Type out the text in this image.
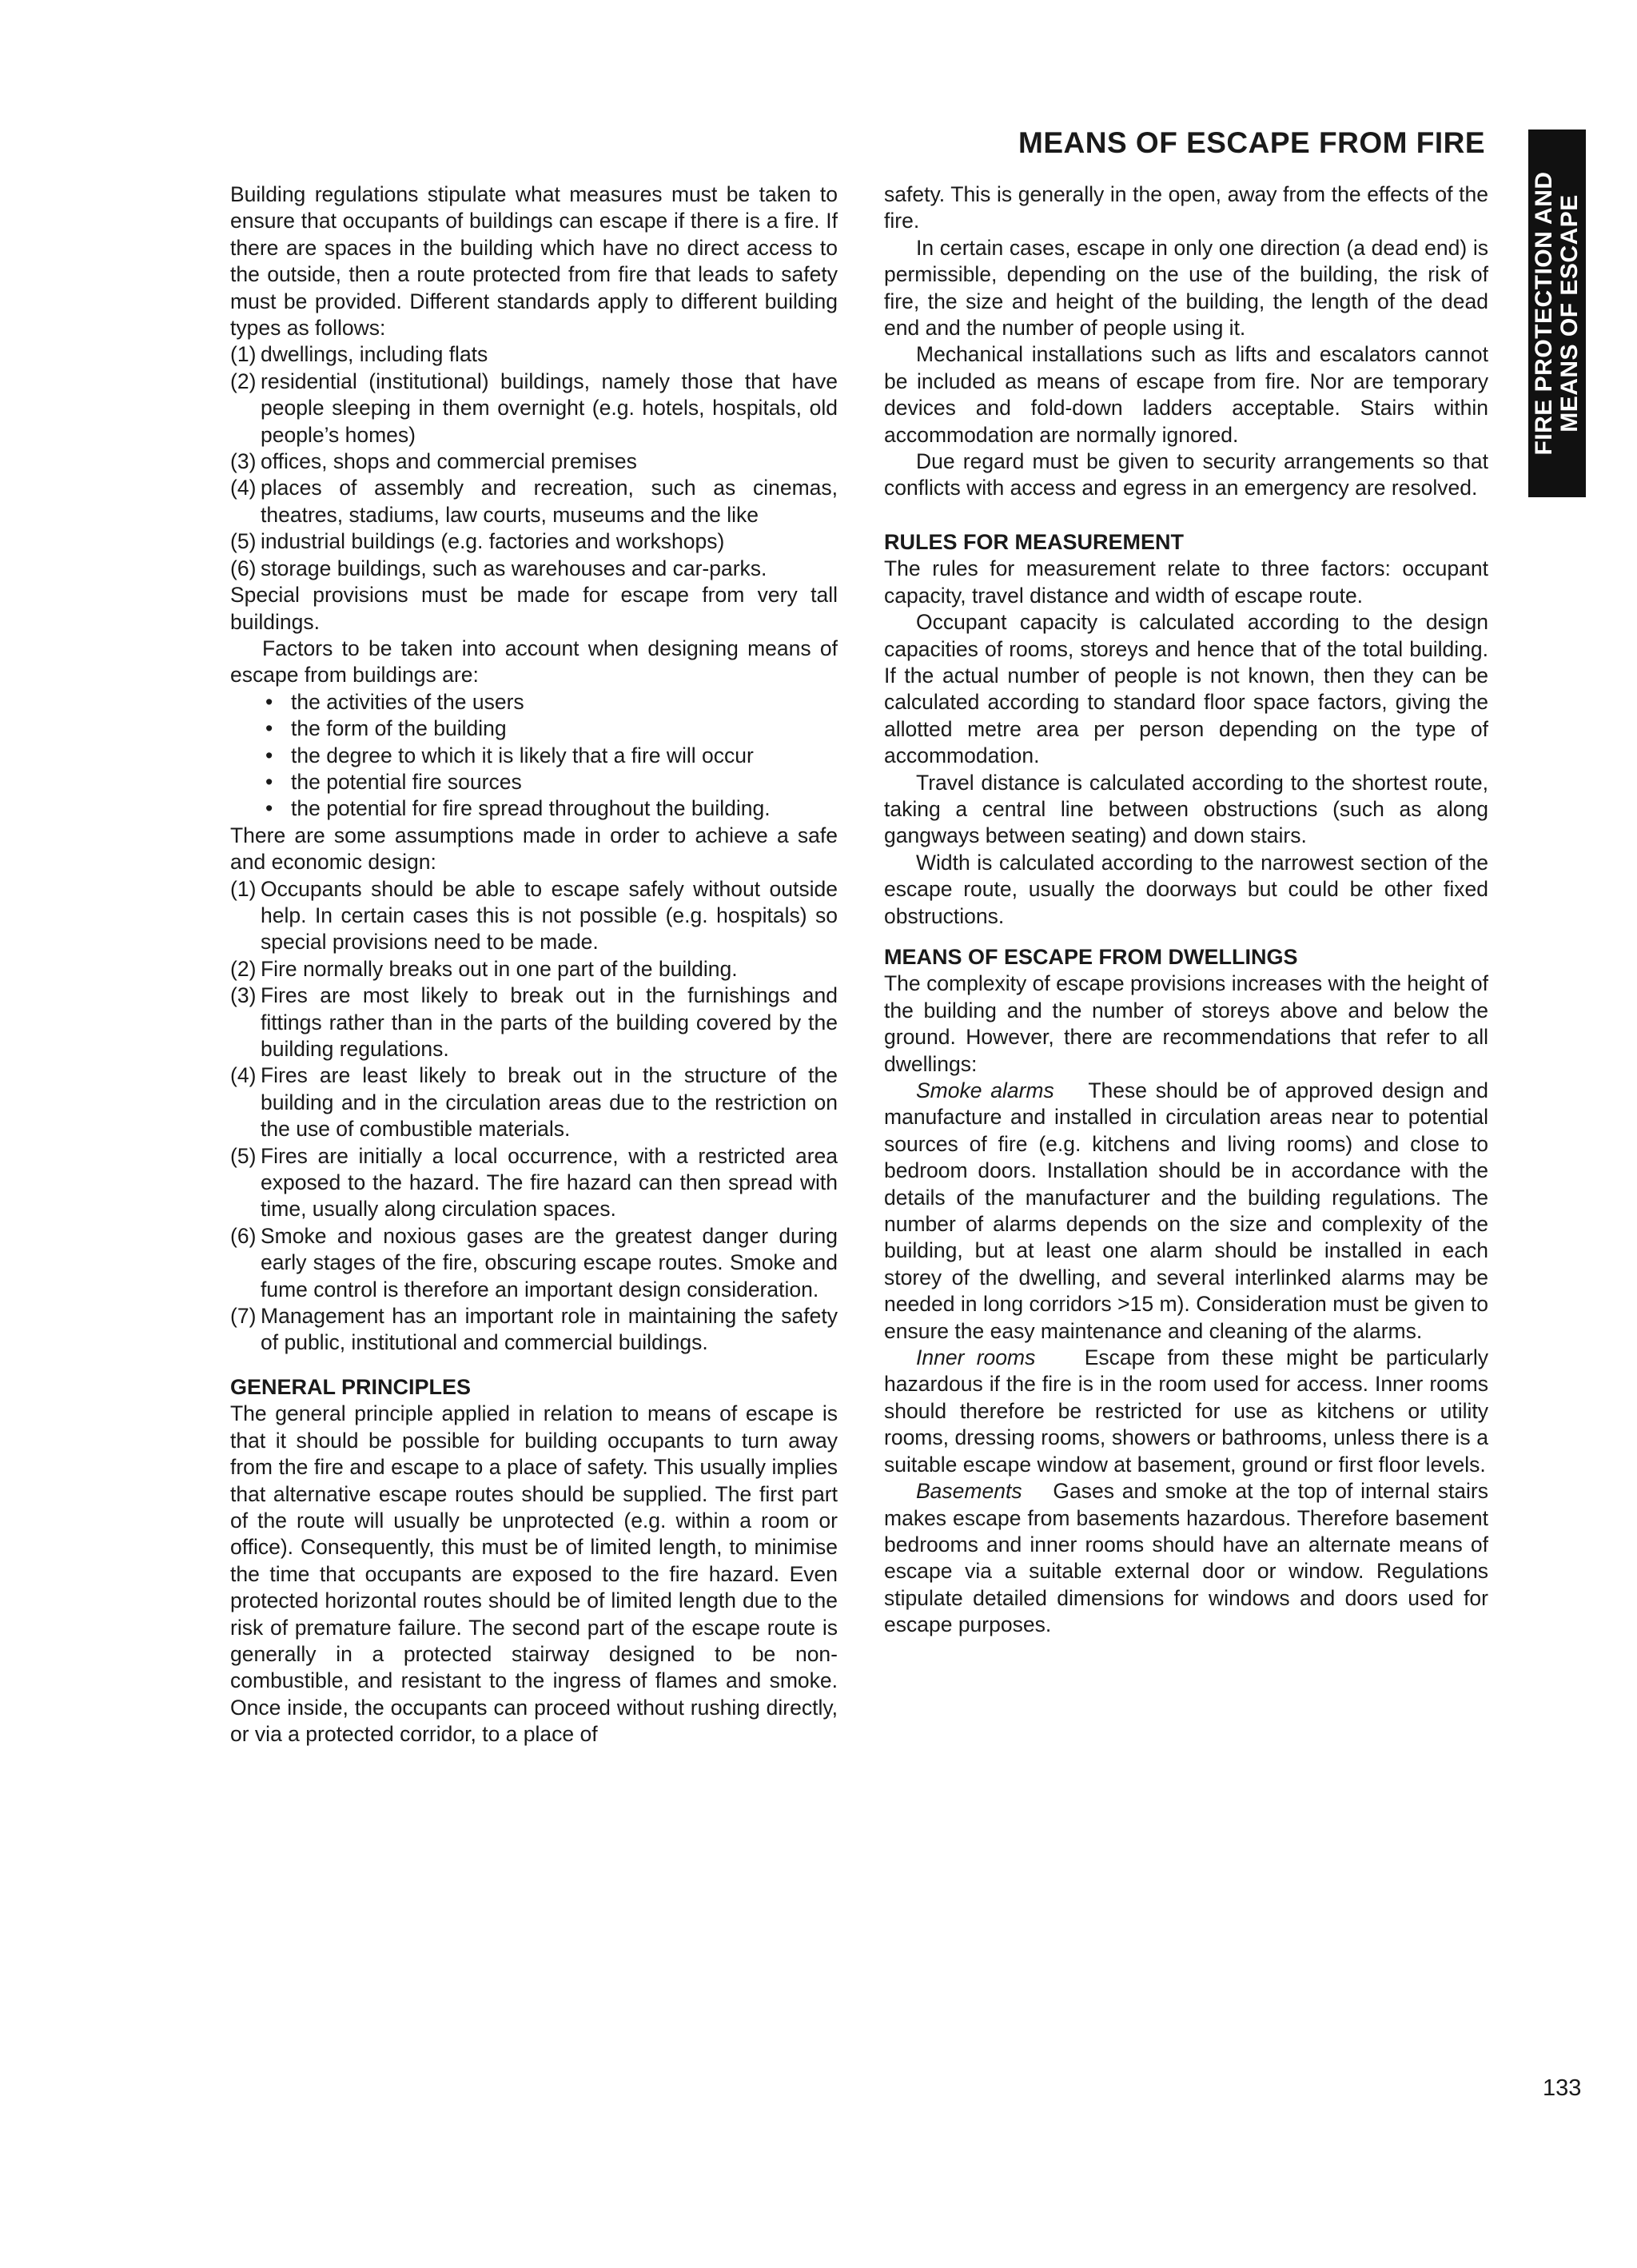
MEANS OF ESCAPE FROM FIRE
FIRE PROTECTION AND MEANS OF ESCAPE

Building regulations stipulate what measures must be taken to ensure that occupants of buildings can escape if there is a fire. If there are spaces in the building which have no direct access to the outside, then a route protected from fire that leads to safety must be provided. Different standards apply to different building types as follows:

(1) dwellings, including flats
(2) residential (institutional) buildings, namely those that have people sleeping in them overnight (e.g. hotels, hospitals, old people’s homes)
(3) offices, shops and commercial premises
(4) places of assembly and recreation, such as cinemas, theatres, stadiums, law courts, museums and the like
(5) industrial buildings (e.g. factories and workshops)
(6) storage buildings, such as warehouses and car-parks.

Special provisions must be made for escape from very tall buildings.

Factors to be taken into account when designing means of escape from buildings are:

• the activities of the users
• the form of the building
• the degree to which it is likely that a fire will occur
• the potential fire sources
• the potential for fire spread throughout the building.

There are some assumptions made in order to achieve a safe and economic design:

(1) Occupants should be able to escape safely without outside help. In certain cases this is not possible (e.g. hospitals) so special provisions need to be made.
(2) Fire normally breaks out in one part of the building.
(3) Fires are most likely to break out in the furnishings and fittings rather than in the parts of the building covered by the building regulations.
(4) Fires are least likely to break out in the structure of the building and in the circulation areas due to the restriction on the use of combustible materials.
(5) Fires are initially a local occurrence, with a restricted area exposed to the hazard. The fire hazard can then spread with time, usually along circulation spaces.
(6) Smoke and noxious gases are the greatest danger during early stages of the fire, obscuring escape routes. Smoke and fume control is therefore an important design consideration.
(7) Management has an important role in maintaining the safety of public, institutional and commercial buildings.
GENERAL PRINCIPLES

The general principle applied in relation to means of escape is that it should be possible for building occupants to turn away from the fire and escape to a place of safety. This usually implies that alternative escape routes should be supplied. The first part of the route will usually be unprotected (e.g. within a room or office). Consequently, this must be of limited length, to minimise the time that occupants are exposed to the fire hazard. Even protected horizontal routes should be of limited length due to the risk of premature failure. The second part of the escape route is generally in a protected stairway designed to be non-combustible, and resistant to the ingress of flames and smoke. Once inside, the occupants can proceed without rushing directly, or via a protected corridor, to a place of

safety. This is generally in the open, away from the effects of the fire.

In certain cases, escape in only one direction (a dead end) is permissible, depending on the use of the building, the risk of fire, the size and height of the building, the length of the dead end and the number of people using it.

Mechanical installations such as lifts and escalators cannot be included as means of escape from fire. Nor are temporary devices and fold-down ladders acceptable. Stairs within accommodation are normally ignored.

Due regard must be given to security arrangements so that conflicts with access and egress in an emergency are resolved.

RULES FOR MEASUREMENT

The rules for measurement relate to three factors: occupant capacity, travel distance and width of escape route.

Occupant capacity is calculated according to the design capacities of rooms, storeys and hence that of the total building. If the actual number of people is not known, then they can be calculated according to standard floor space factors, giving the allotted metre area per person depending on the type of accommodation.

Travel distance is calculated according to the shortest route, taking a central line between obstructions (such as along gangways between seating) and down stairs.

Width is calculated according to the narrowest section of the escape route, usually the doorways but could be other fixed obstructions.

MEANS OF ESCAPE FROM DWELLINGS

The complexity of escape provisions increases with the height of the building and the number of storeys above and below the ground. However, there are recommendations that refer to all dwellings:

Smoke alarms These should be of approved design and manufacture and installed in circulation areas near to potential sources of fire (e.g. kitchens and living rooms) and close to bedroom doors. Installation should be in accordance with the details of the manufacturer and the building regulations. The number of alarms depends on the size and complexity of the building, but at least one alarm should be installed in each storey of the dwelling, and several interlinked alarms may be needed in long corridors >15 m). Consideration must be given to ensure the easy maintenance and cleaning of the alarms.

Inner rooms Escape from these might be particularly hazardous if the fire is in the room used for access. Inner rooms should therefore be restricted for use as kitchens or utility rooms, dressing rooms, showers or bathrooms, unless there is a suitable escape window at basement, ground or first floor levels.

Basements Gases and smoke at the top of internal stairs makes escape from basements hazardous. Therefore basement bedrooms and inner rooms should have an alternate means of escape via a suitable external door or window. Regulations stipulate detailed dimensions for windows and doors used for escape purposes.

133
